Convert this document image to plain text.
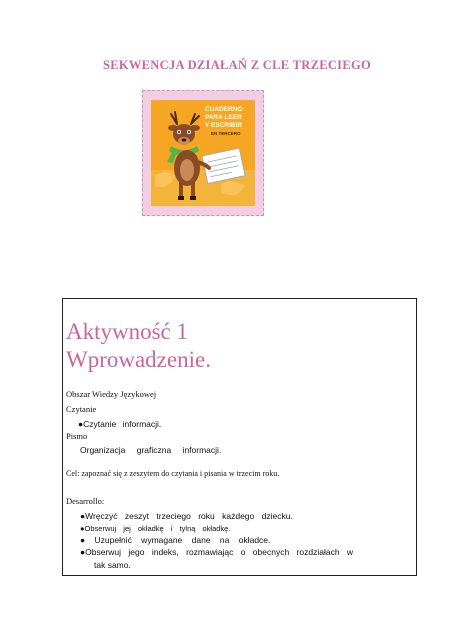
SEKWENCJA DZIAŁAŃ Z CLE TRZECIEGO
CUADERNO
PARA LEER
Y ESCRIBIR
EN TERCERO
Aktywność 1
Wprowadzenie.
Obszar Wiedzy Językowej
Czytanie
●Czytanie informacji.
Pismo
Organizacja graficzna informacji.
Cel: zapoznać się z zeszytem do czytania i pisania w trzecim roku.
Desarrollo:
●Wręczyć zeszyt trzeciego roku każdego dziecku.
●Obserwuj jej okładkę i tylną okładkę.
● Uzupełnić wymagane dane na okładce.
●Obserwuj jego indeks, rozmawiając o obecnych rozdziałach w
tak samo.
